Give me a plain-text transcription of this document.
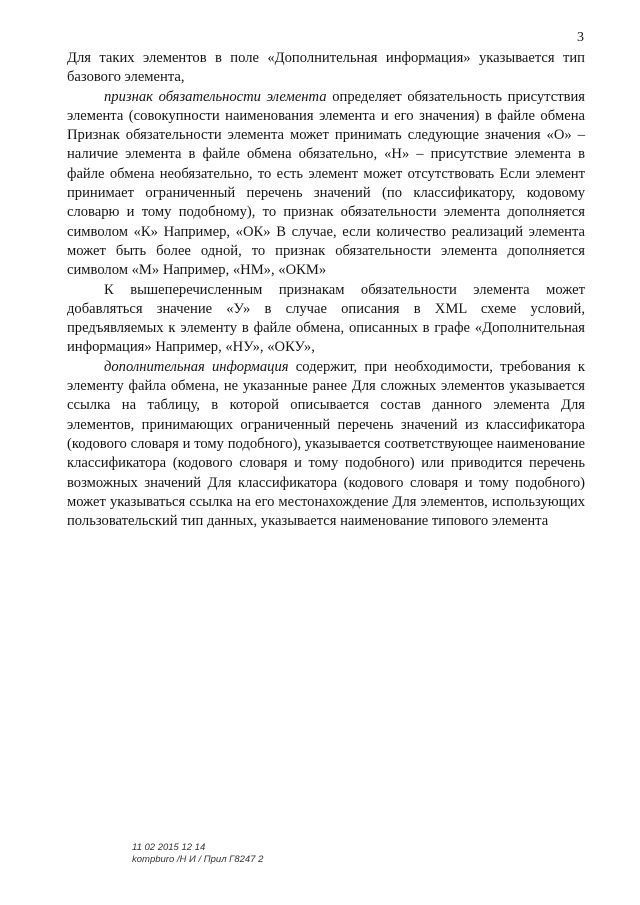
3

Для таких элементов в поле «Дополнительная информация» указывается тип базового элемента,

признак обязательности элемента определяет обязательность присутствия элемента (совокупности наименования элемента и его значения) в файле обмена Признак обязательности элемента может принимать следующие значения «О» – наличие элемента в файле обмена обязательно, «Н» – присутствие элемента в файле обмена необязательно, то есть элемент может отсутствовать Если элемент принимает ограниченный перечень значений (по классификатору, кодовому словарю и тому подобному), то признак обязательности элемента дополняется символом «К» Например, «ОК» В случае, если количество реализаций элемента может быть более одной, то признак обязательности элемента дополняется символом «М» Например, «НМ», «ОКМ»

К вышеперечисленным признакам обязательности элемента может добавляться значение «У» в случае описания в XML схеме условий, предъявляемых к элементу в файле обмена, описанных в графе «Дополнительная информация» Например, «НУ», «ОКУ»,

дополнительная информация содержит, при необходимости, требования к элементу файла обмена, не указанные ранее Для сложных элементов указывается ссылка на таблицу, в которой описывается состав данного элемента Для элементов, принимающих ограниченный перечень значений из классификатора (кодового словаря и тому подобного), указывается соответствующее наименование классификатора (кодового словаря и тому подобного) или приводится перечень возможных значений Для классификатора (кодового словаря и тому подобного) может указываться ссылка на его местонахождение Для элементов, использующих пользовательский тип данных, указывается наименование типового элемента

11 02 2015 12 14
kompburo /Н И / Прил Г8247 2
